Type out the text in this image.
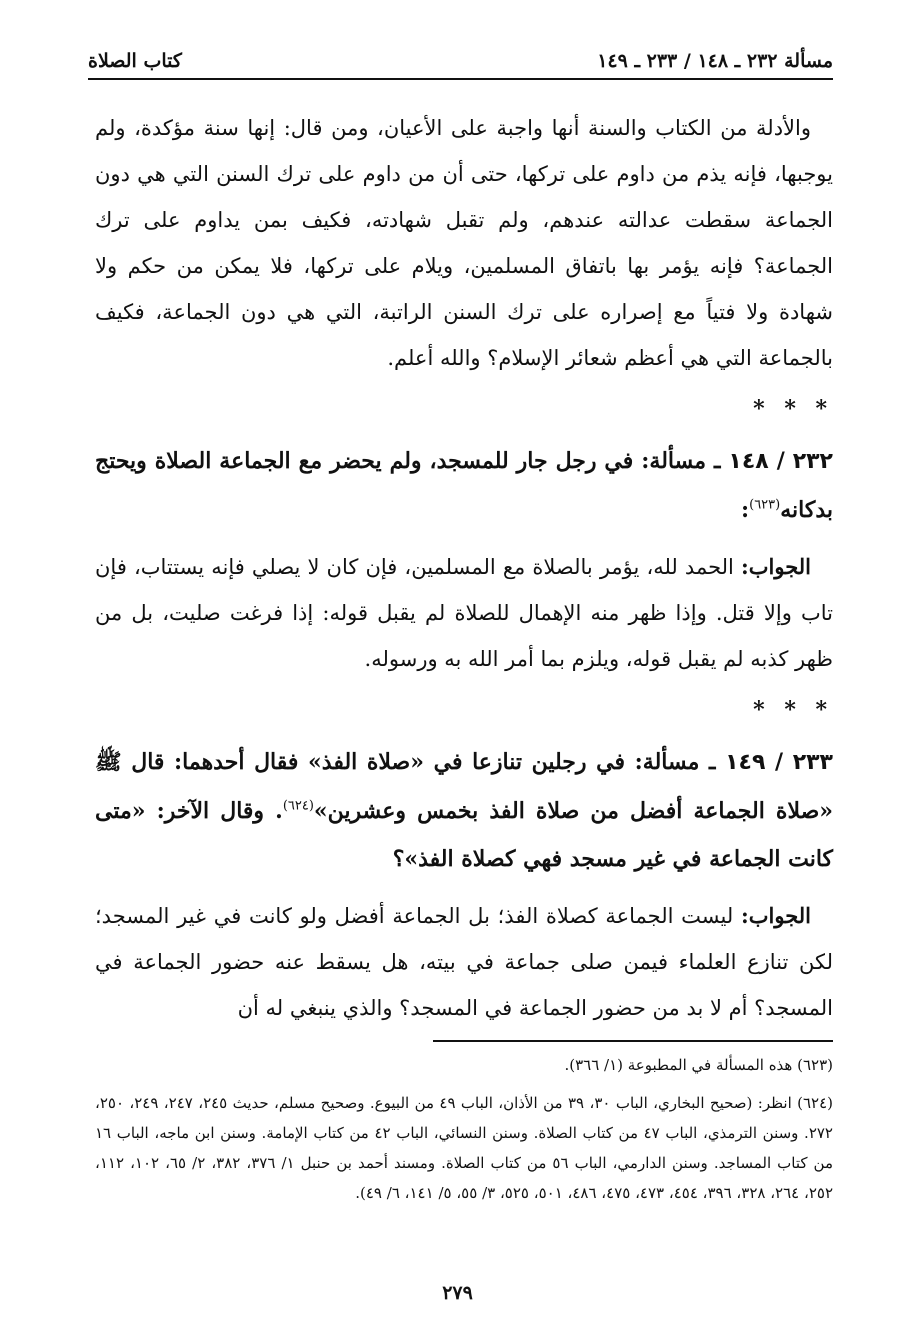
مسألة ٢٣٢ ـ ١٤٨ / ٢٣٣ ـ ١٤٩
كتاب الصلاة

والأدلة من الكتاب والسنة أنها واجبة على الأعيان، ومن قال: إنها سنة مؤكدة، ولم يوجبها، فإنه يذم من داوم على تركها، حتى أن من داوم على ترك السنن التي هي دون الجماعة سقطت عدالته عندهم، ولم تقبل شهادته، فكيف بمن يداوم على ترك الجماعة؟ فإنه يؤمر بها باتفاق المسلمين، ويلام على تركها، فلا يمكن من حكم ولا شهادة ولا فتياً مع إصراره على ترك السنن الراتبة، التي هي دون الجماعة، فكيف بالجماعة التي هي أعظم شعائر الإسلام؟ والله أعلم.

* * *

٢٣٢ / ١٤٨ ـ مسألة: في رجل جار للمسجد، ولم يحضر مع الجماعة الصلاة ويحتج بدكانه$^{(٦٢٣)}$:

الجواب: الحمد لله، يؤمر بالصلاة مع المسلمين، فإن كان لا يصلي فإنه يستتاب، فإن تاب وإلا قتل. وإذا ظهر منه الإهمال للصلاة لم يقبل قوله: إذا فرغت صليت، بل من ظهر كذبه لم يقبل قوله، ويلزم بما أمر الله به ورسوله.

* * *

٢٣٣ / ١٤٩ ـ مسألة: في رجلين تنازعا في «صلاة الفذ» فقال أحدهما: قال ﷺ «صلاة الجماعة أفضل من صلاة الفذ بخمس وعشرين»$^{(٦٢٤)}$. وقال الآخر: «متى كانت الجماعة في غير مسجد فهي كصلاة الفذ»؟

الجواب: ليست الجماعة كصلاة الفذ؛ بل الجماعة أفضل ولو كانت في غير المسجد؛ لكن تنازع العلماء فيمن صلى جماعة في بيته، هل يسقط عنه حضور الجماعة في المسجد؟ أم لا بد من حضور الجماعة في المسجد؟ والذي ينبغي له أن

(٦٢٣) هذه المسألة في المطبوعة (١/ ٣٦٦).

(٦٢٤) انظر: (صحيح البخاري، الباب ٣٠، ٣٩ من الأذان، الباب ٤٩ من البيوع. وصحيح مسلم، حديث ٢٤٥، ٢٤٧، ٢٤٩، ٢٥٠، ٢٧٢. وسنن الترمذي، الباب ٤٧ من كتاب الصلاة. وسنن النسائي، الباب ٤٢ من كتاب الإمامة. وسنن ابن ماجه، الباب ١٦ من كتاب المساجد. وسنن الدارمي، الباب ٥٦ من كتاب الصلاة. ومسند أحمد بن حنبل ١/ ٣٧٦، ٣٨٢، ٢/ ٦٥، ١٠٢، ١١٢، ٢٥٢، ٢٦٤، ٣٢٨، ٣٩٦، ٤٥٤، ٤٧٣، ٤٧٥، ٤٨٦، ٥٠١، ٥٢٥، ٣/ ٥٥، ٥/ ١٤١، ٦/ ٤٩).

٢٧٩
